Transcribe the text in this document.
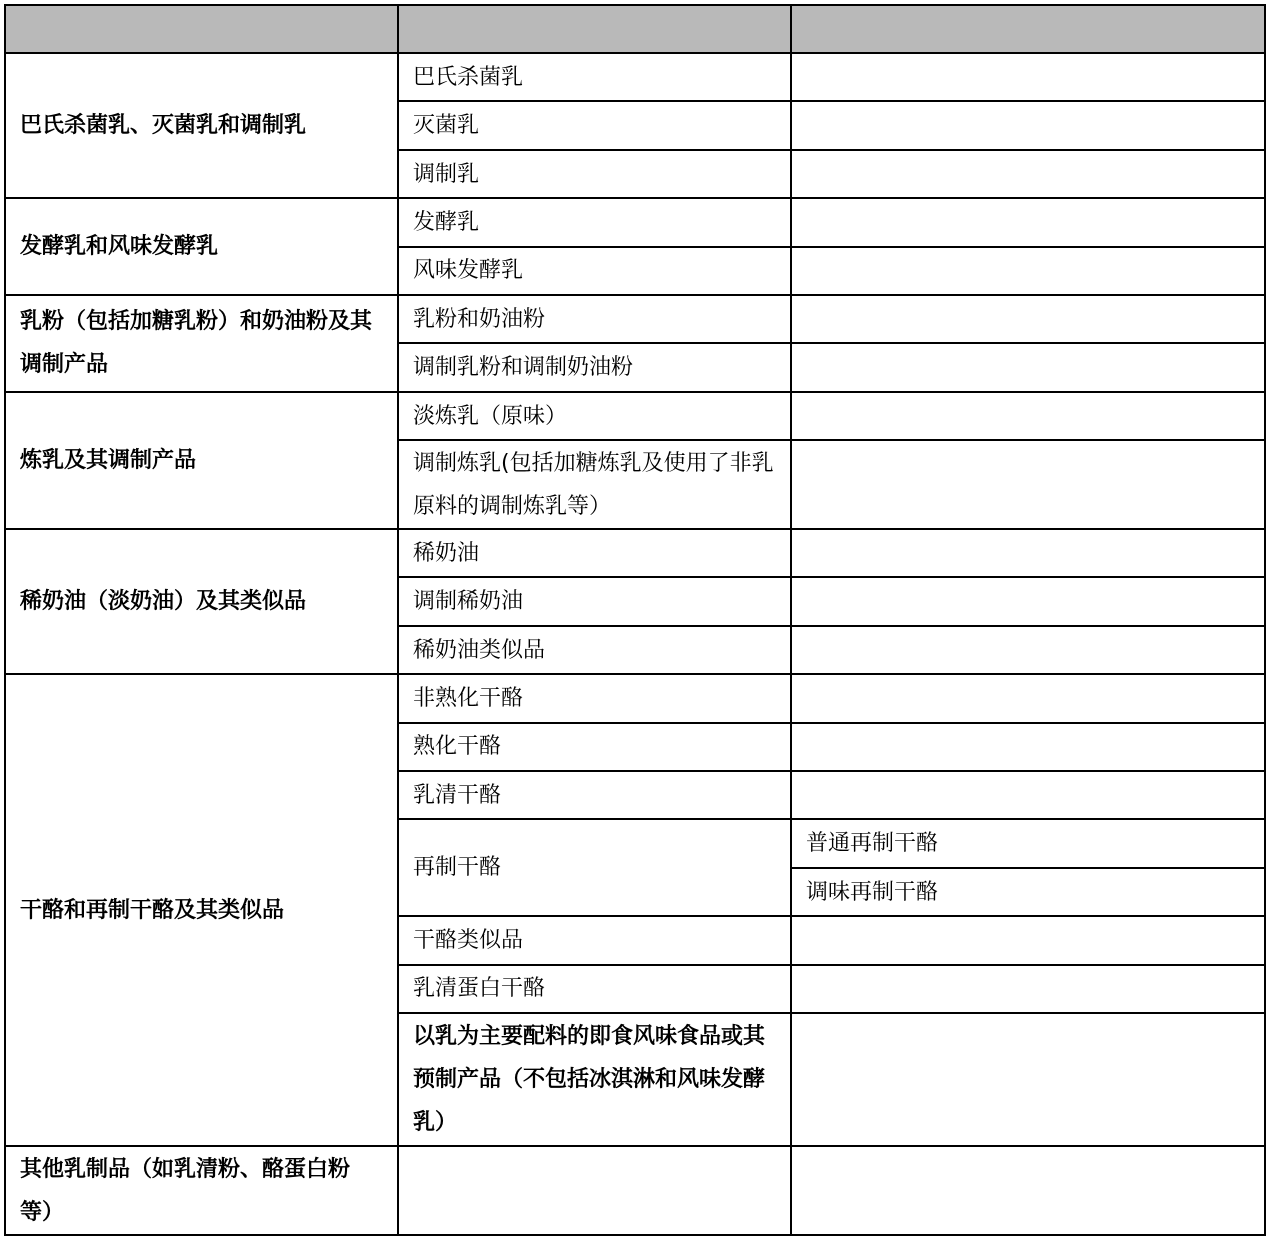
巴氏杀菌乳、灭菌乳和调制乳	巴氏杀菌乳		
	灭菌乳		
	调制乳		
发酵乳和风味发酵乳	发酵乳		
	风味发酵乳		
乳粉（包括加糖乳粉）和奶油粉及其调制产品	乳粉和奶油粉		
	调制乳粉和调制奶油粉		
炼乳及其调制产品	淡炼乳（原味）		
	调制炼乳(包括加糖炼乳及使用了非乳原料的调制炼乳等）		
稀奶油（淡奶油）及其类似品	稀奶油		
	调制稀奶油		
	稀奶油类似品		
干酪和再制干酪及其类似品	非熟化干酪		
	熟化干酪		
	乳清干酪		
	再制干酪	普通再制干酪	
		调味再制干酪	
	干酪类似品		
	乳清蛋白干酪		
	以乳为主要配料的即食风味食品或其预制产品（不包括冰淇淋和风味发酵乳）		
其他乳制品（如乳清粉、酪蛋白粉等）			
